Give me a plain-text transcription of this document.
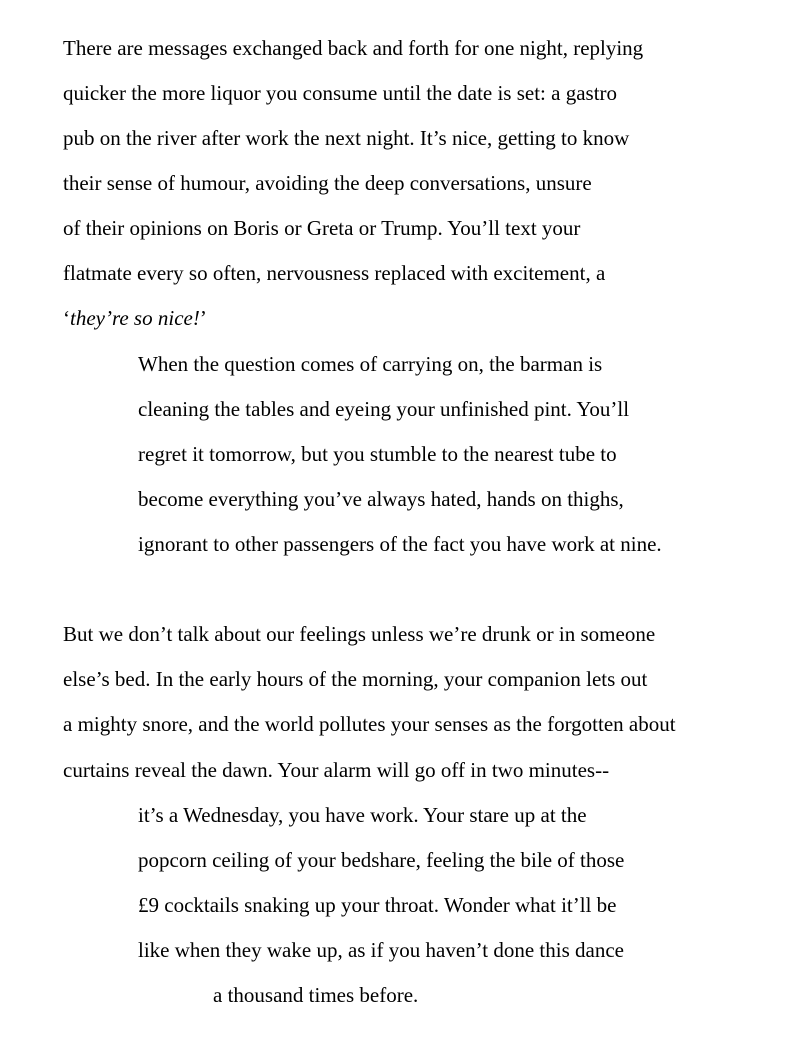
There are messages exchanged back and forth for one night, replying
quicker the more liquor you consume until the date is set: a gastro
pub on the river after work the next night. It’s nice, getting to know
their sense of humour, avoiding the deep conversations, unsure
of their opinions on Boris or Greta or Trump. You’ll text your
flatmate every so often, nervousness replaced with excitement, a
‘they’re so nice!’
When the question comes of carrying on, the barman is
cleaning the tables and eyeing your unfinished pint. You’ll
regret it tomorrow, but you stumble to the nearest tube to
become everything you’ve always hated, hands on thighs,
ignorant to other passengers of the fact you have work at nine.
But we don’t talk about our feelings unless we’re drunk or in someone
else’s bed. In the early hours of the morning, your companion lets out
a mighty snore, and the world pollutes your senses as the forgotten about
curtains reveal the dawn. Your alarm will go off in two minutes--
it’s a Wednesday, you have work. Your stare up at the
popcorn ceiling of your bedshare, feeling the bile of those
£9 cocktails snaking up your throat. Wonder what it’ll be
like when they wake up, as if you haven’t done this dance
a thousand times before.
